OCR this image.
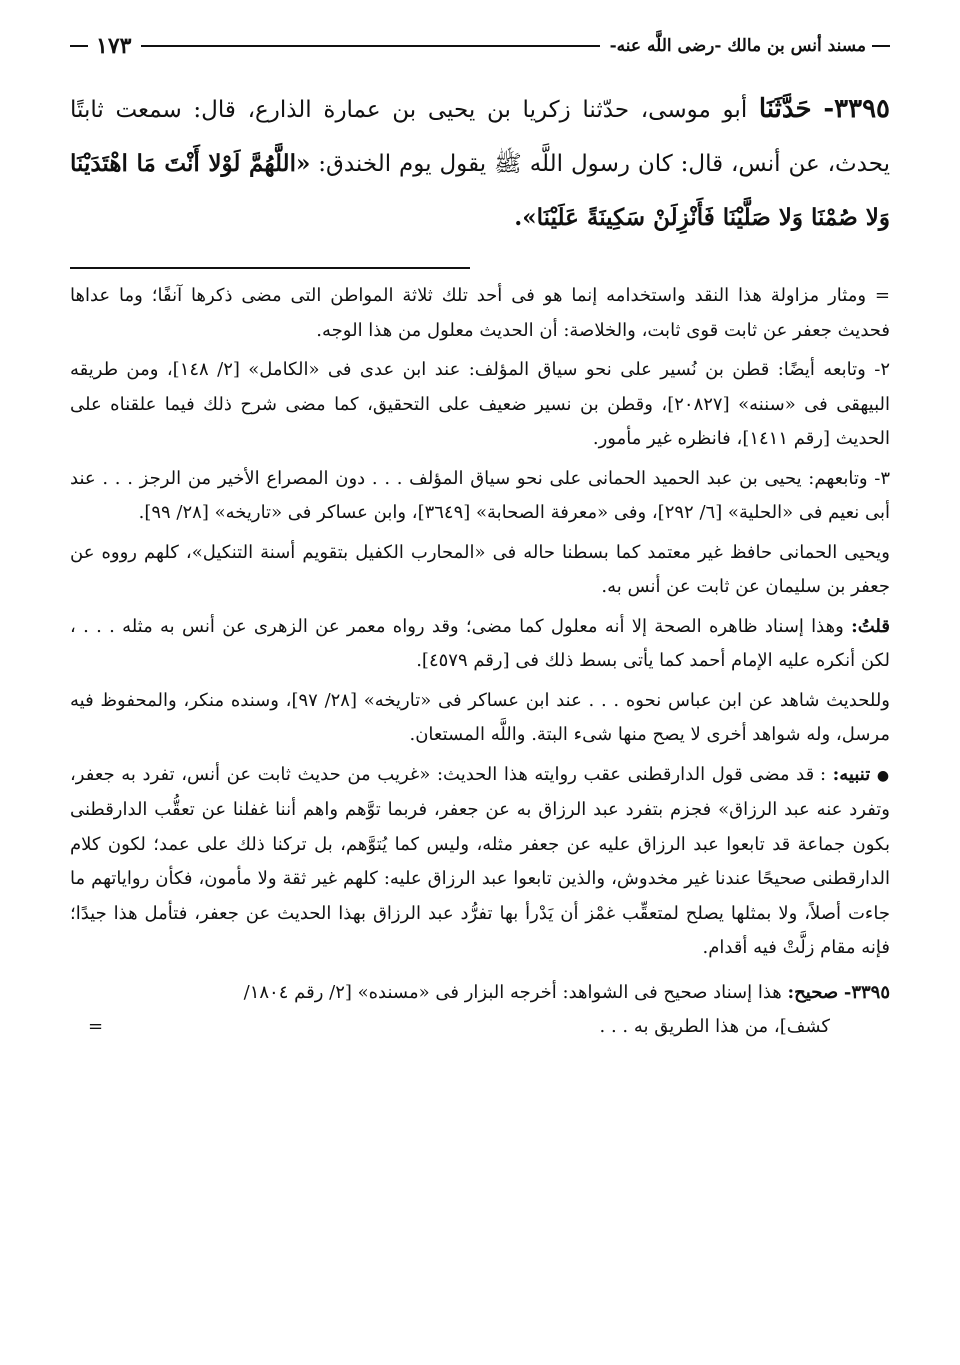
مسند أنس بن مالك -رضى اللَّه عنه-
١٧٣
٣٣٩٥- حَدَّثَنَا أبو موسى، حدّثنا زكريا بن يحيى بن عمارة الذارع، قال: سمعت ثابتًا يحدث، عن أنس، قال: كان رسول اللَّه ﷺ يقول يوم الخندق: «اللَّهُمَّ لَوْلا أَنْتَ مَا اهْتَدَيْنَا وَلا صُمْنَا وَلا صَلَّيْنَا فَأَنْزِلَنْ سَكِينَةً عَلَيْنَا».

= ومثار مزاولة هذا النقد واستخدامه إنما هو فى أحد تلك ثلاثة المواطن التى مضى ذكرها آنفًا؛ وما عداها فحديث جعفر عن ثابت قوى ثابت، والخلاصة: أن الحديث معلول من هذا الوجه.

٢- وتابعه أيضًا: قطن بن نُسير على نحو سياق المؤلف: عند ابن عدى فى «الكامل» [٢/ ١٤٨]، ومن طريقه البيهقى فى «سننه» [٢٠٨٢٧]، وقطن بن نسير ضعيف على التحقيق، كما مضى شرح ذلك فيما علقناه على الحديث [رقم ١٤١١]، فانظره غير مأمور.

٣- وتابعهم: يحيى بن عبد الحميد الحمانى على نحو سياق المؤلف . . . دون المصراع الأخير من الرجز . . . عند أبى نعيم فى «الحلية» [٦/ ٢٩٢]، وفى «معرفة الصحابة» [٣٦٤٩]، وابن عساكر فى «تاريخه» [٢٨/ ٩٩].

ويحيى الحمانى حافظ غير معتمد كما بسطنا حاله فى «المحارب الكفيل بتقويم أسنة التنكيل»، كلهم رووه عن جعفر بن سليمان عن ثابت عن أنس به.

قلتُ: وهذا إسناد ظاهره الصحة إلا أنه معلول كما مضى؛ وقد رواه معمر عن الزهرى عن أنس به مثله . . . ، لكن أنكره عليه الإمام أحمد كما يأتى بسط ذلك فى [رقم ٤٥٧٩].

وللحديث شاهد عن ابن عباس نحوه . . . عند ابن عساكر فى «تاريخه» [٢٨/ ٩٧]، وسنده منكر، والمحفوظ فيه مرسل، وله شواهد أخرى لا يصح منها شىء البتة. واللَّه المستعان.

● تنبيه: : قد مضى قول الدارقطنى عقب روايته هذا الحديث: «غريب من حديث ثابت عن أنس، تفرد به جعفر، وتفرد عنه عبد الرزاق» فجزم بتفرد عبد الرزاق به عن جعفر، فربما توَّهم واهم أننا غفلنا عن تعقُّب الدارقطنى بكون جماعة قد تابعوا عبد الرزاق عليه عن جعفر مثله، وليس كما يُتوَّهم، بل تركنا ذلك على عمد؛ لكون كلام الدارقطنى صحيحًا عندنا غير مخدوش، والذين تابعوا عبد الرزاق عليه: كلهم غير ثقة ولا مأمون، فكأن رواياتهم ما جاءت أصلاً، ولا بمثلها يصلح لمتعقِّب غمْز أن يَدْرأ بها تفرُّد عبد الرزاق بهذا الحديث عن جعفر، فتأمل هذا جيدًا؛ فإنه مقام زلَّتْ فيه أقدام.

٣٣٩٥- صحيح: هذا إسناد صحيح فى الشواهد: أخرجه البزار فى «مسنده» [٢/ رقم ١٨٠٤/
كشف]، من هذا الطريق به . . .
=
